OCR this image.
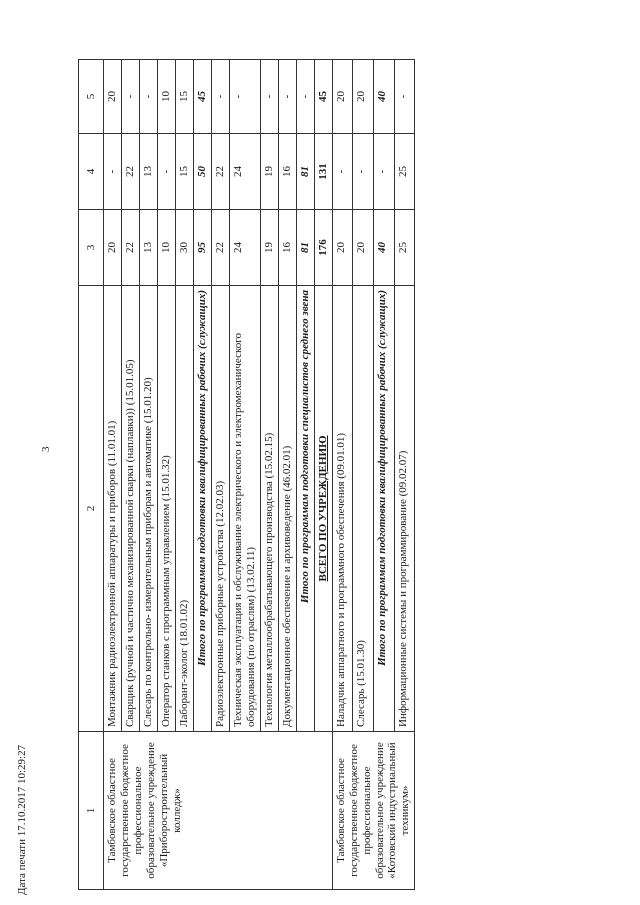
3
1	2	3	4	5
Тамбовское областное государственное бюджетное профессиональное образовательное учреждение «Приборостроительный колледж»	Монтажник радиоэлектронной аппаратуры и приборов (11.01.01)	20	-	20
	Сварщик (ручной и частично механизированной сварки (наплавки)) (15.01.05)	22	22	-
	Слесарь по контрольно- измерительным приборам и автоматике (15.01.20)	13	13	-
	Оператор станков с программным управлением (15.01.32)	10	-	10
	Лаборант-эколог (18.01.02)	30	15	15
	Итого по программам подготовки квалифицированных рабочих (служащих)	95	50	45
	Радиоэлектронные приборные устройства (12.02.03)	22	22	-
	Техническая эксплуатация и обслуживание электрического и электромеханического оборудования (по отраслям) (13.02.11)	24	24	-
	Технология металлообрабатывающего производства (15.02.15)	19	19	-
	Документационное обеспечение и архивоведение (46.02.01)	16	16	-
	Итого по программам подготовки специалистов среднего звена	81	81	-
	ВСЕГО ПО УЧРЕЖДЕНИЮ	176	131	45
Тамбовское областное государственное бюджетное профессиональное образовательное учреждение «Котовский индустриальный техникум»	Наладчик аппаратного и программного обеспечения (09.01.01)	20	-	20
	Слесарь (15.01.30)	20	-	20
	Итого по программам подготовки квалифицированных рабочих (служащих)	40	-	40
	Информационные системы и программирование (09.02.07)	25	25	-
Дата печати 17.10.2017 10:29:27
